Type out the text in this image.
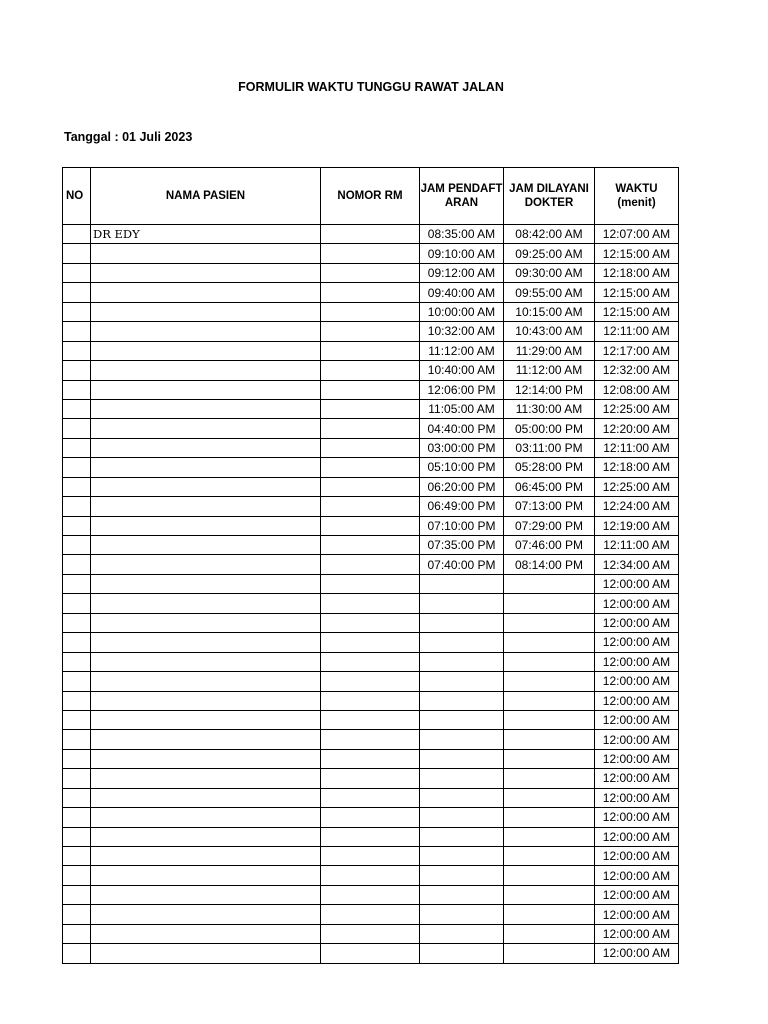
FORMULIR WAKTU TUNGGU RAWAT JALAN
Tanggal : 01 Juli 2023
NO	NAMA PASIEN	NOMOR RM	JAM PENDAFTARAN	JAM DILAYANI DOKTER	WAKTU (menit)
	DR EDY		08:35:00 AM	08:42:00 AM	12:07:00 AM
			09:10:00 AM	09:25:00 AM	12:15:00 AM
			09:12:00 AM	09:30:00 AM	12:18:00 AM
			09:40:00 AM	09:55:00 AM	12:15:00 AM
			10:00:00 AM	10:15:00 AM	12:15:00 AM
			10:32:00 AM	10:43:00 AM	12:11:00 AM
			11:12:00 AM	11:29:00 AM	12:17:00 AM
			10:40:00 AM	11:12:00 AM	12:32:00 AM
			12:06:00 PM	12:14:00 PM	12:08:00 AM
			11:05:00 AM	11:30:00 AM	12:25:00 AM
			04:40:00 PM	05:00:00 PM	12:20:00 AM
			03:00:00 PM	03:11:00 PM	12:11:00 AM
			05:10:00 PM	05:28:00 PM	12:18:00 AM
			06:20:00 PM	06:45:00 PM	12:25:00 AM
			06:49:00 PM	07:13:00 PM	12:24:00 AM
			07:10:00 PM	07:29:00 PM	12:19:00 AM
			07:35:00 PM	07:46:00 PM	12:11:00 AM
			07:40:00 PM	08:14:00 PM	12:34:00 AM
					12:00:00 AM
					12:00:00 AM
					12:00:00 AM
					12:00:00 AM
					12:00:00 AM
					12:00:00 AM
					12:00:00 AM
					12:00:00 AM
					12:00:00 AM
					12:00:00 AM
					12:00:00 AM
					12:00:00 AM
					12:00:00 AM
					12:00:00 AM
					12:00:00 AM
					12:00:00 AM
					12:00:00 AM
					12:00:00 AM
					12:00:00 AM
					12:00:00 AM
